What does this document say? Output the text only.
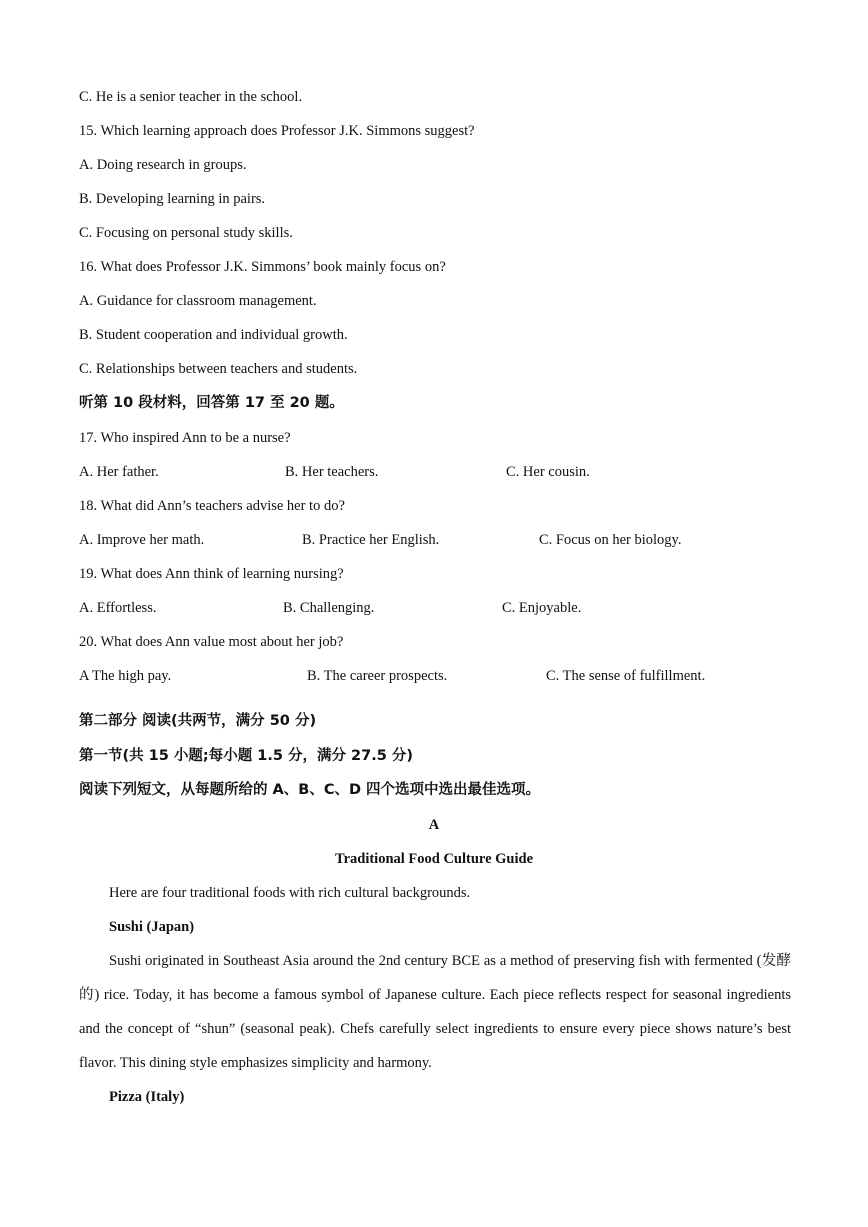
C. He is a senior teacher in the school.
15. Which learning approach does Professor J.K. Simmons suggest?
A. Doing research in groups.
B. Developing learning in pairs.
C. Focusing on personal study skills.
16. What does Professor J.K. Simmons’ book mainly focus on?
A. Guidance for classroom management.
B. Student cooperation and individual growth.
C. Relationships between teachers and students.
听第 10 段材料，回答第 17 至 20 题。
17. Who inspired Ann to be a nurse?
A. Her father.	B. Her teachers.	C. Her cousin.
18. What did Ann’s teachers advise her to do?
A. Improve her math.	B. Practice her English.	C. Focus on her biology.
19. What does Ann think of learning nursing?
A. Effortless.	B. Challenging.	C. Enjoyable.
20. What does Ann value most about her job?
A The high pay.	B. The career prospects.	C. The sense of fulfillment.
第二部分 阅读(共两节，满分 50 分)
第一节(共 15 小题;每小题 1.5 分，满分 27.5 分)
阅读下列短文，从每题所给的 A、B、C、D 四个选项中选出最佳选项。
A
Traditional Food Culture Guide
Here are four traditional foods with rich cultural backgrounds.
Sushi (Japan)
Sushi originated in Southeast Asia around the 2nd century BCE as a method of preserving fish with fermented (发酵的) rice. Today, it has become a famous symbol of Japanese culture. Each piece reflects respect for seasonal ingredients and the concept of “shun” (seasonal peak). Chefs carefully select ingredients to ensure every piece shows nature’s best flavor. This dining style emphasizes simplicity and harmony.
Pizza (Italy)
